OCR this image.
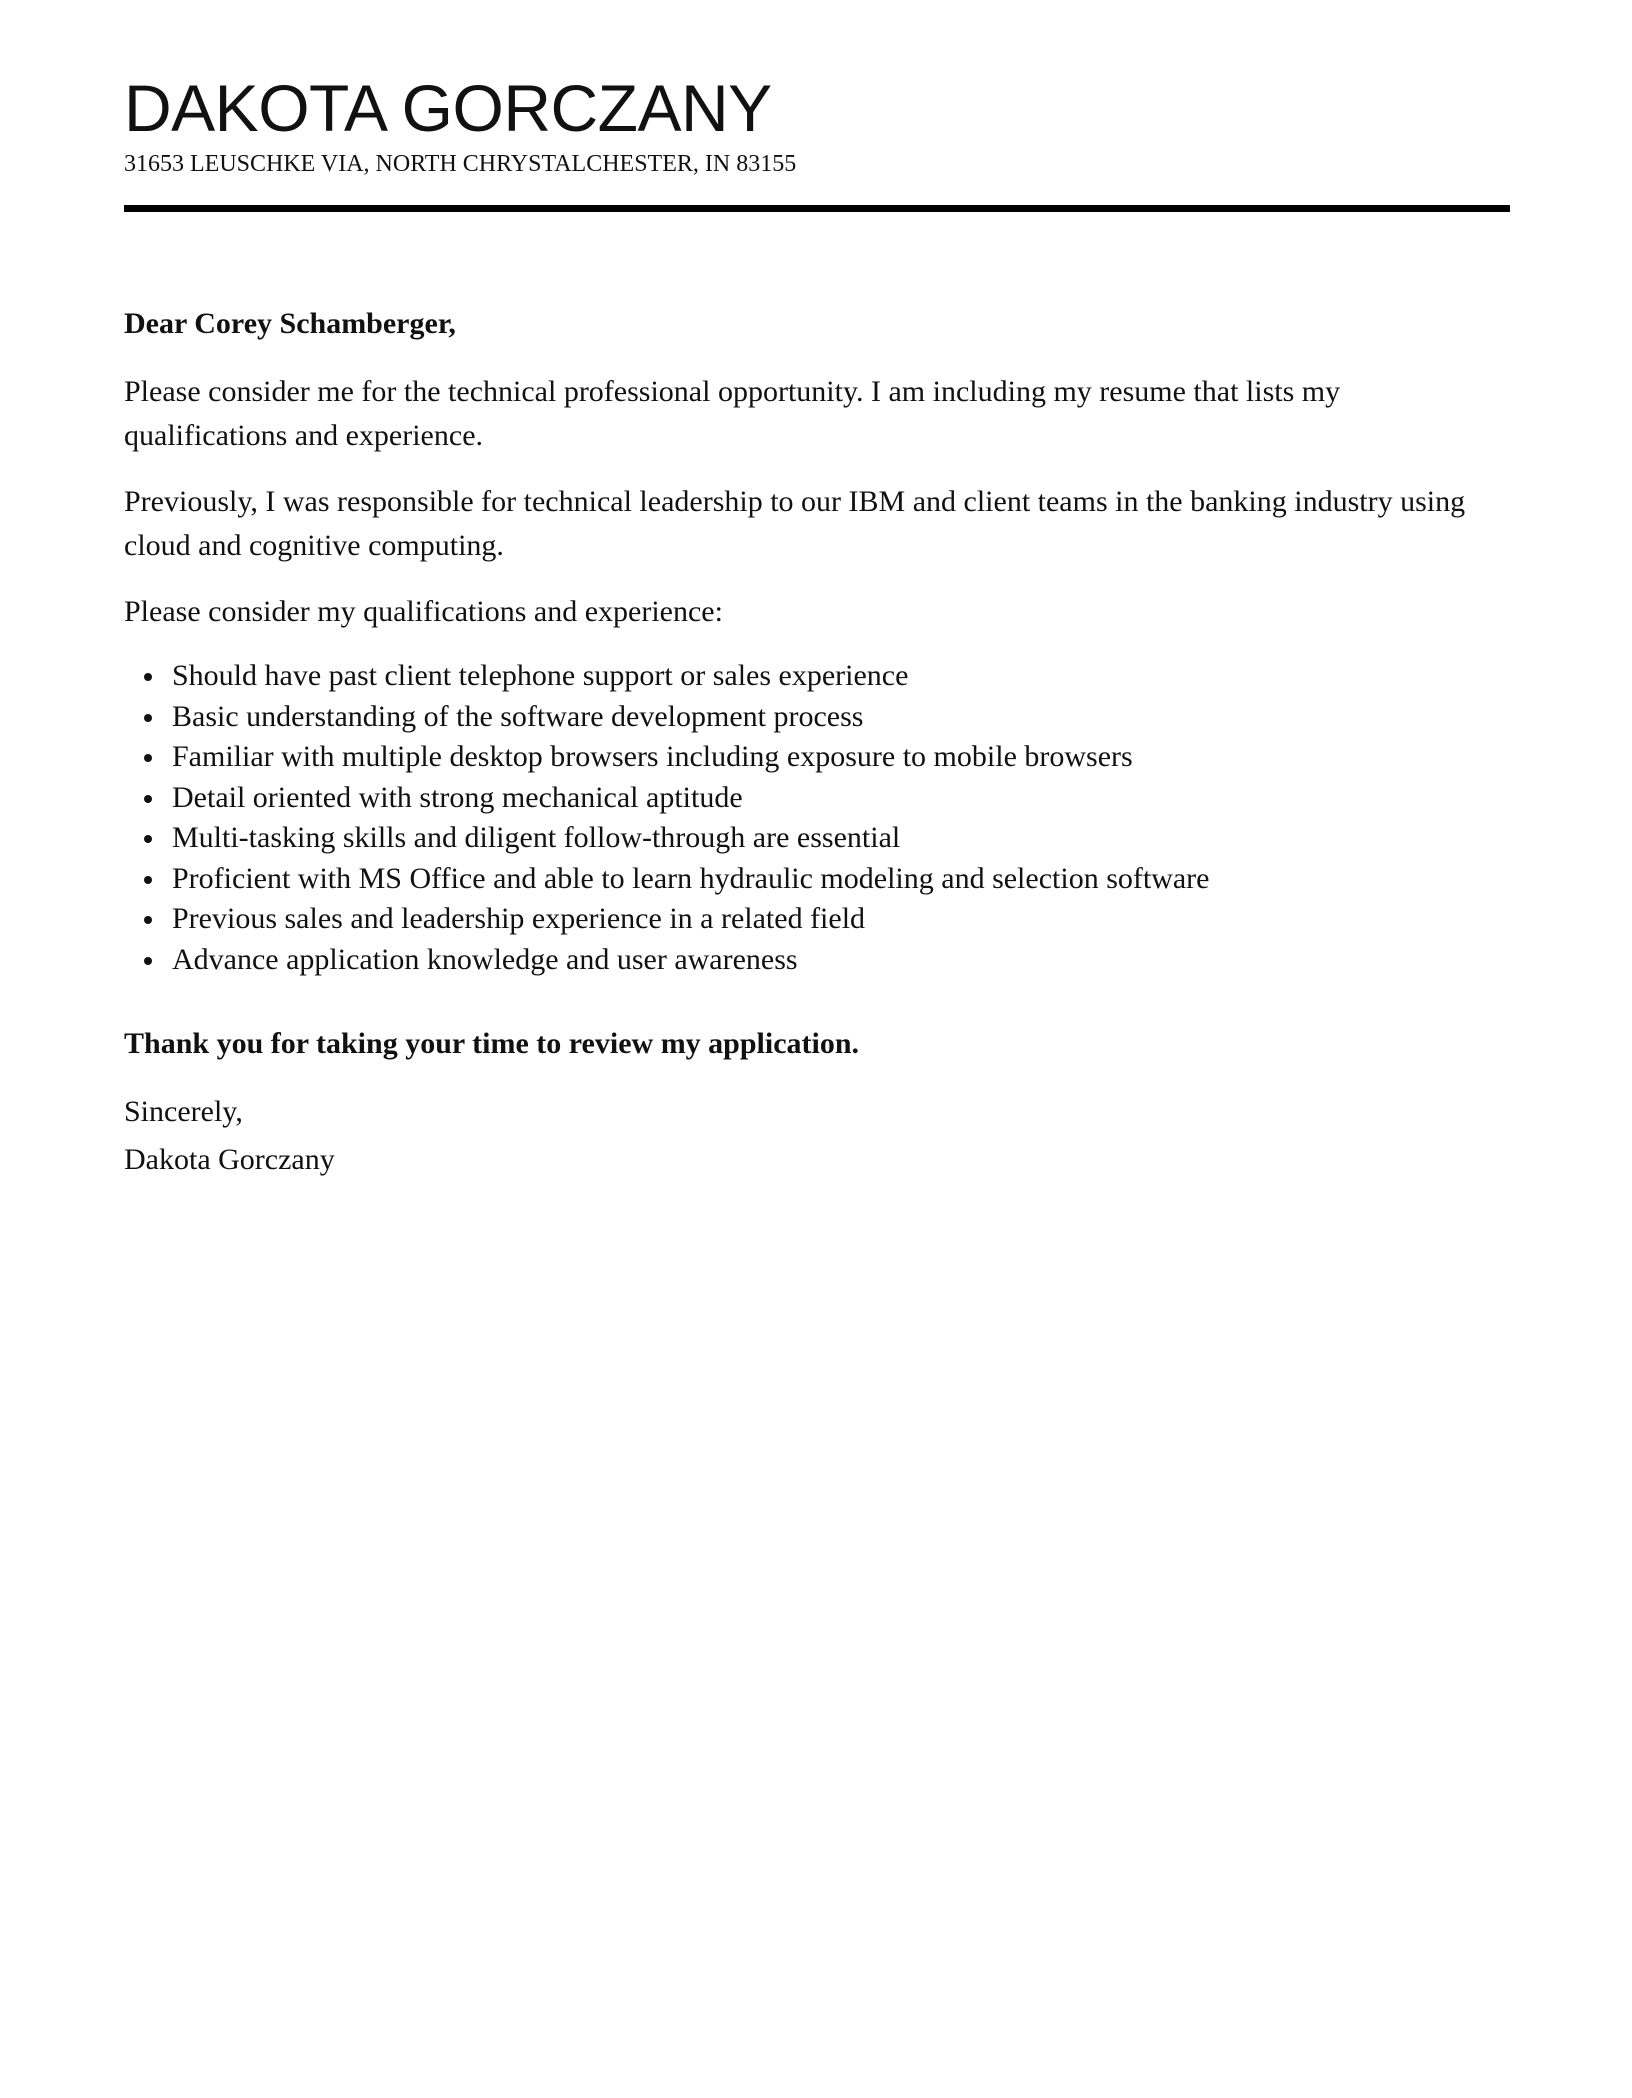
DAKOTA GORCZANY

31653 LEUSCHKE VIA, NORTH CHRYSTALCHESTER, IN 83155

Dear Corey Schamberger,

Please consider me for the technical professional opportunity. I am including my resume that lists my qualifications and experience.

Previously, I was responsible for technical leadership to our IBM and client teams in the banking industry using cloud and cognitive computing.

Please consider my qualifications and experience:

Should have past client telephone support or sales experience
Basic understanding of the software development process
Familiar with multiple desktop browsers including exposure to mobile browsers
Detail oriented with strong mechanical aptitude
Multi-tasking skills and diligent follow-through are essential
Proficient with MS Office and able to learn hydraulic modeling and selection software
Previous sales and leadership experience in a related field
Advance application knowledge and user awareness

Thank you for taking your time to review my application.

Sincerely,

Dakota Gorczany
